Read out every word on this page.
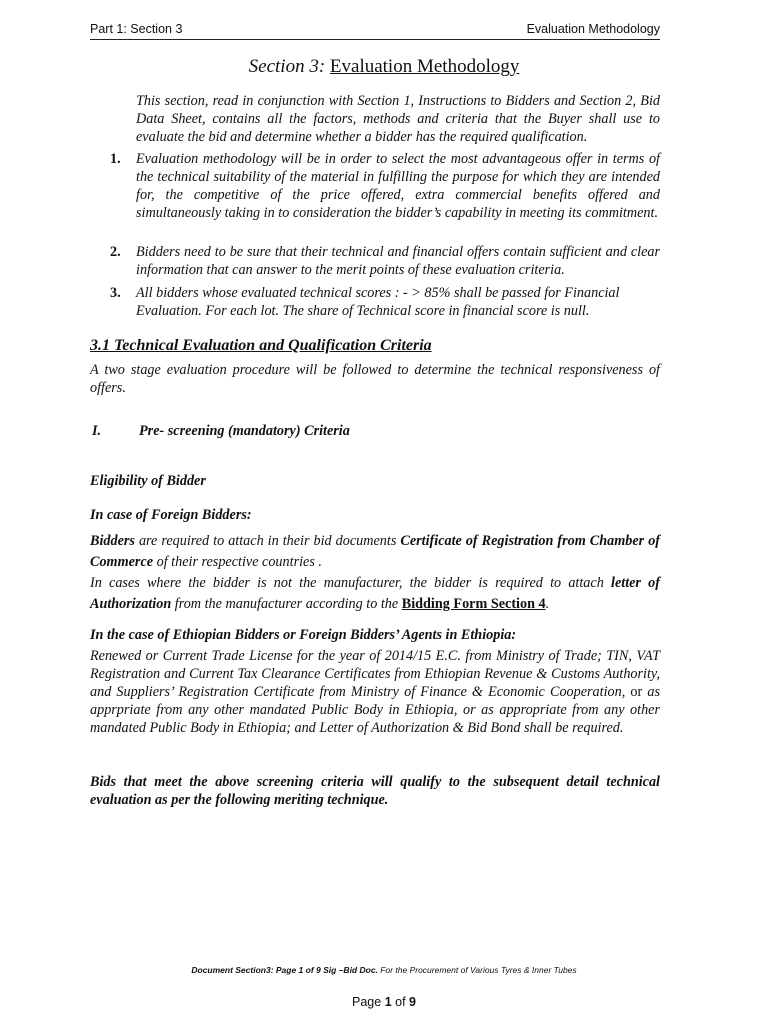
Part 1: Section 3	Evaluation Methodology
Section 3: Evaluation Methodology
This section, read in conjunction with Section 1, Instructions to Bidders and Section 2, Bid Data Sheet, contains all the factors, methods and criteria that the Buyer shall use to evaluate the bid and determine whether a bidder has the required qualification.
1.	Evaluation methodology will be in order to select the most advantageous offer in terms of the technical suitability of the material in fulfilling the purpose for which they are intended for, the competitive of the price offered, extra commercial benefits offered and simultaneously taking in to consideration the bidder’s capability in meeting its commitment.
2.	Bidders need to be sure that their technical and financial offers contain sufficient and clear information that can answer to the merit points of these evaluation criteria.
3.	All bidders whose evaluated technical scores : - > 85% shall be passed for Financial Evaluation. For each lot. The share of Technical score in financial score is null.
3.1 Technical Evaluation and Qualification Criteria
A two stage evaluation procedure will be followed to determine the technical responsiveness of offers.
I.	Pre- screening (mandatory) Criteria
Eligibility of Bidder
In case of Foreign Bidders:
Bidders are required to attach in their bid documents Certificate of Registration from Chamber of Commerce of their respective countries .
In cases where the bidder is not the manufacturer, the bidder is required to attach letter of Authorization from the manufacturer according to the Bidding Form Section 4.
In the case of Ethiopian Bidders or Foreign Bidders’ Agents in Ethiopia:
Renewed or Current Trade License for the year of 2014/15 E.C. from Ministry of Trade; TIN, VAT Registration and Current Tax Clearance Certificates from Ethiopian Revenue & Customs Authority, and Suppliers’ Registration Certificate from Ministry of Finance & Economic Cooperation, or as apprpriate from any other mandated Public Body in Ethiopia, or as appropriate from any other mandated Public Body in Ethiopia; and Letter of Authorization & Bid Bond shall be required.
Bids that meet the above screening criteria will qualify to the subsequent detail technical evaluation as per the following meriting technique.
Document Section3: Page 1 of 9 Sig –Bid Doc. For the Procurement of Various Tyres & Inner Tubes
Page 1 of 9
